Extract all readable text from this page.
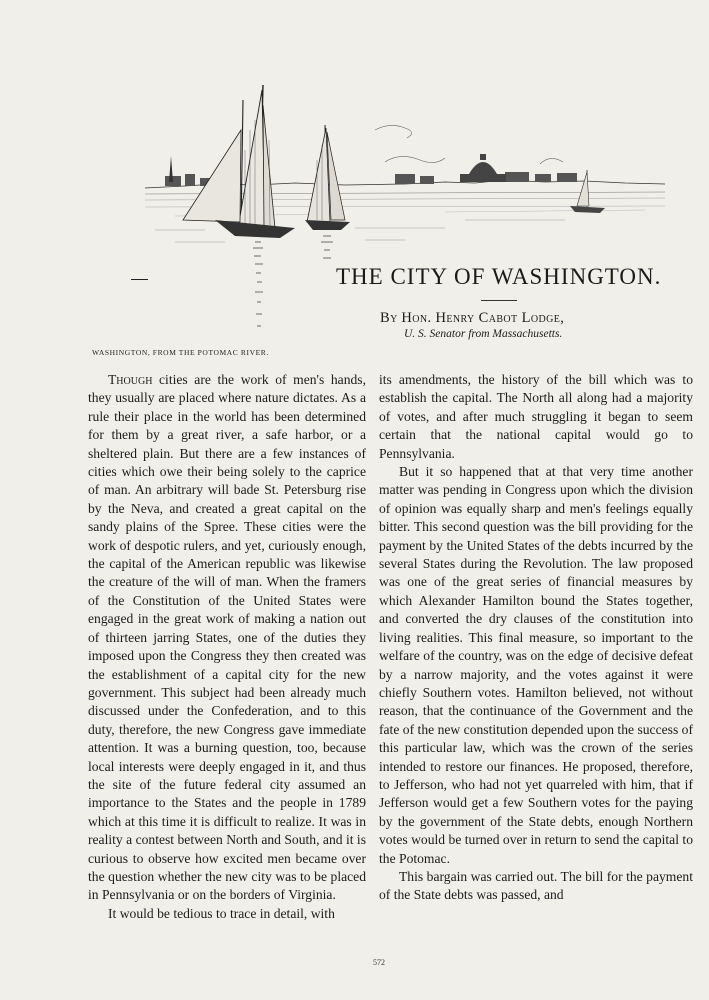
WASHINGTON, FROM THE POTOMAC RIVER.
THE CITY OF WASHINGTON.
By Hon. Henry Cabot Lodge,
U. S. Senator from Massachusetts.

Though cities are the work of men's hands, they usually are placed where nature dictates. As a rule their place in the world has been determined for them by a great river, a safe harbor, or a sheltered plain. But there are a few instances of cities which owe their being solely to the caprice of man. An arbitrary will bade St. Petersburg rise by the Neva, and created a great capital on the sandy plains of the Spree. These cities were the work of despotic rulers, and yet, curiously enough, the capital of the American republic was likewise the creature of the will of man. When the framers of the Constitution of the United States were engaged in the great work of making a nation out of thirteen jarring States, one of the duties they imposed upon the Congress they then created was the establishment of a capital city for the new government. This subject had been already much discussed under the Confederation, and to this duty, therefore, the new Congress gave immediate attention. It was a burning question, too, because local interests were deeply engaged in it, and thus the site of the future federal city assumed an importance to the States and the people in 1789 which at this time it is difficult to realize. It was in reality a contest between North and South, and it is curious to observe how excited men became over the question whether the new city was to be placed in Pennsylvania or on the borders of Virginia.

It would be tedious to trace in detail, with

its amendments, the history of the bill which was to establish the capital. The North all along had a majority of votes, and after much struggling it began to seem certain that the national capital would go to Pennsylvania.

But it so happened that at that very time another matter was pending in Congress upon which the division of opinion was equally sharp and men's feelings equally bitter. This second question was the bill providing for the payment by the United States of the debts incurred by the several States during the Revolution. The law proposed was one of the great series of financial measures by which Alexander Hamilton bound the States together, and converted the dry clauses of the constitution into living realities. This final measure, so important to the welfare of the country, was on the edge of decisive defeat by a narrow majority, and the votes against it were chiefly Southern votes. Hamilton believed, not without reason, that the continuance of the Government and the fate of the new constitution depended upon the success of this particular law, which was the crown of the series intended to restore our finances. He proposed, therefore, to Jefferson, who had not yet quarreled with him, that if Jefferson would get a few Southern votes for the paying by the government of the State debts, enough Northern votes would be turned over in return to send the capital to the Potomac.

This bargain was carried out. The bill for the payment of the State debts was passed, and

572
